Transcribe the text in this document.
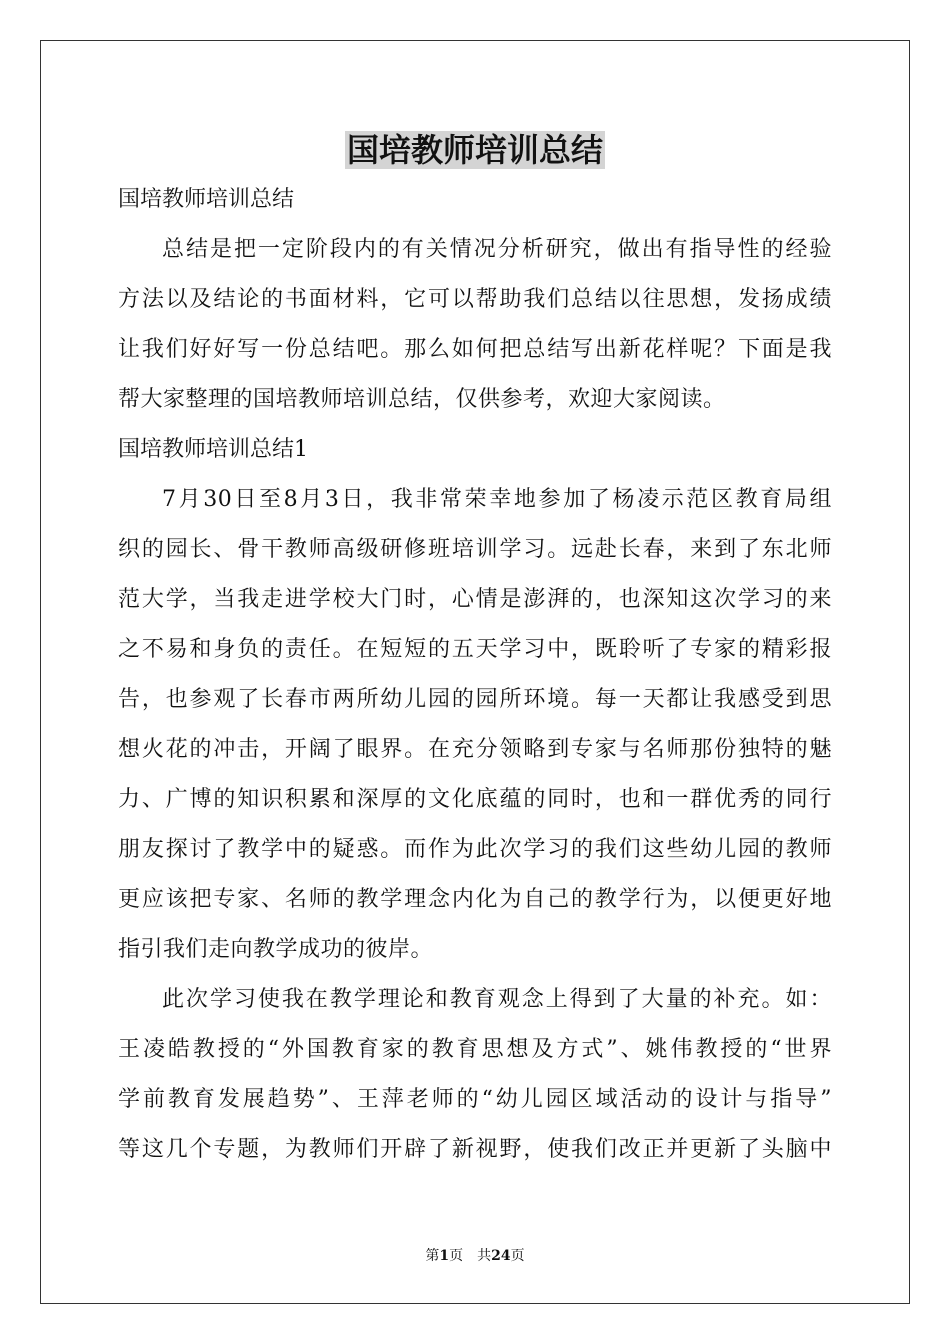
国培教师培训总结
国培教师培训总结
总结是把一定阶段内的有关情况分析研究，做出有指导性的经验
方法以及结论的书面材料，它可以帮助我们总结以往思想，发扬成绩
让我们好好写一份总结吧。那么如何把总结写出新花样呢？下面是我
帮大家整理的国培教师培训总结，仅供参考，欢迎大家阅读。
国培教师培训总结1
7月30日至8月3日，我非常荣幸地参加了杨凌示范区教育局组
织的园长、骨干教师高级研修班培训学习。远赴长春，来到了东北师
范大学，当我走进学校大门时，心情是澎湃的，也深知这次学习的来
之不易和身负的责任。在短短的五天学习中，既聆听了专家的精彩报
告，也参观了长春市两所幼儿园的园所环境。每一天都让我感受到思
想火花的冲击，开阔了眼界。在充分领略到专家与名师那份独特的魅
力、广博的知识积累和深厚的文化底蕴的同时，也和一群优秀的同行
朋友探讨了教学中的疑惑。而作为此次学习的我们这些幼儿园的教师
更应该把专家、名师的教学理念内化为自己的教学行为，以便更好地
指引我们走向教学成功的彼岸。
此次学习使我在教学理论和教育观念上得到了大量的补充。如：
王凌皓教授的“外国教育家的教育思想及方式”、姚伟教授的“世界
学前教育发展趋势”、王萍老师的“幼儿园区域活动的设计与指导”
等这几个专题，为教师们开辟了新视野，使我们改正并更新了头脑中
第1页　共24页
